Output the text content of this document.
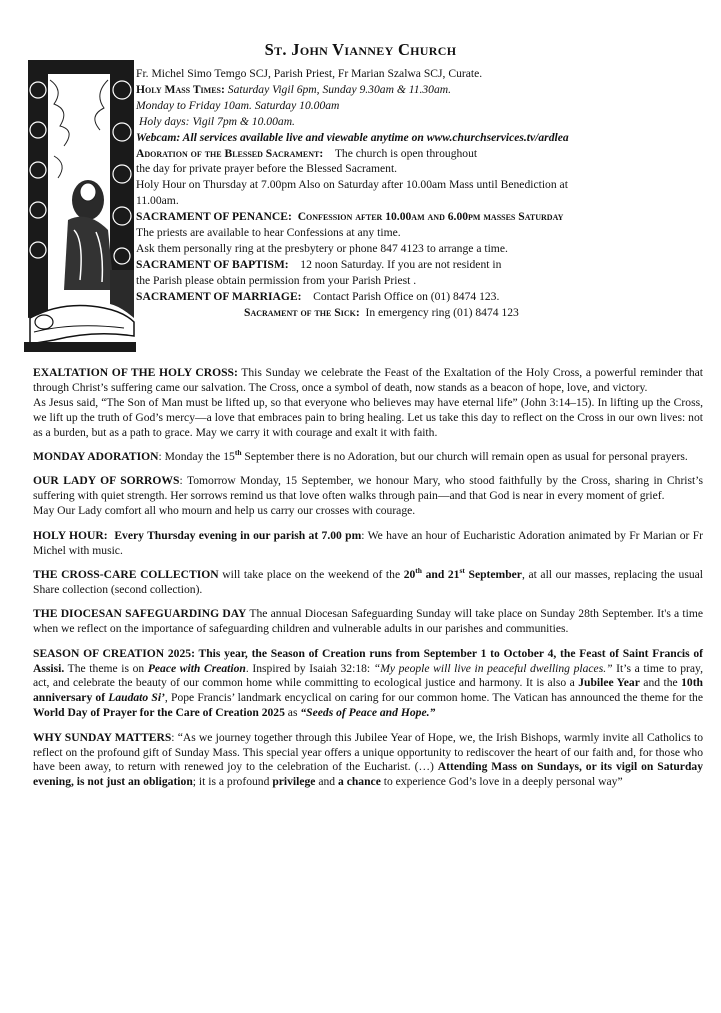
St. John Vianney Church
Fr. Michel Simo Temgo SCJ, Parish Priest, Fr Marian Szalwa SCJ, Curate.
Holy Mass Times: Saturday Vigil 6pm, Sunday 9.30am & 11.30am.
Monday to Friday 10am. Saturday 10.00am
Holy days: Vigil 7pm & 10.00am.
Webcam: All services available live and viewable anytime on www.churchservices.tv/ardlea
Adoration of the Blessed Sacrament: The church is open throughout
the day for private prayer before the Blessed Sacrament.
Holy Hour on Thursday at 7.00pm Also on Saturday after 10.00am Mass until Benediction at
11.00am.
SACRAMENT OF PENANCE: Confession after 10.00am and 6.00pm masses Saturday
The priests are available to hear Confessions at any time.
Ask them personally ring at the presbytery or phone 847 4123 to arrange a time.
SACRAMENT OF BAPTISM: 12 noon Saturday. If you are not resident in
the Parish please obtain permission from your Parish Priest .
SACRAMENT OF MARRIAGE: Contact Parish Office on (01) 8474 123.
Sacrament of the Sick: In emergency ring (01) 8474 123
EXALTATION OF THE HOLY CROSS: This Sunday we celebrate the Feast of the Exaltation of the Holy Cross, a powerful reminder that through Christ’s suffering came our salvation. The Cross, once a symbol of death, now stands as a beacon of hope, love, and victory.
As Jesus said, “The Son of Man must be lifted up, so that everyone who believes may have eternal life” (John 3:14–15). In lifting up the Cross, we lift up the truth of God’s mercy—a love that embraces pain to bring healing. Let us take this day to reflect on the Cross in our own lives: not as a burden, but as a path to grace. May we carry it with courage and exalt it with faith.
MONDAY ADORATION: Monday the 15th September there is no Adoration, but our church will remain open as usual for personal prayers.
OUR LADY OF SORROWS: Tomorrow Monday, 15 September, we honour Mary, who stood faithfully by the Cross, sharing in Christ’s suffering with quiet strength. Her sorrows remind us that love often walks through pain—and that God is near in every moment of grief.
May Our Lady comfort all who mourn and help us carry our crosses with courage.
HOLY HOUR: Every Thursday evening in our parish at 7.00 pm: We have an hour of Eucharistic Adoration animated by Fr Marian or Fr Michel with music.
THE CROSS-CARE COLLECTION will take place on the weekend of the 20th and 21st September, at all our masses, replacing the usual Share collection (second collection).
THE DIOCESAN SAFEGUARDING DAY The annual Diocesan Safeguarding Sunday will take place on Sunday 28th September. It's a time when we reflect on the importance of safeguarding children and vulnerable adults in our parishes and communities.
SEASON OF CREATION 2025: This year, the Season of Creation runs from September 1 to October 4, the Feast of Saint Francis of Assisi. The theme is on Peace with Creation. Inspired by Isaiah 32:18: “My people will live in peaceful dwelling places.” It’s a time to pray, act, and celebrate the beauty of our common home while committing to ecological justice and harmony. It is also a Jubilee Year and the 10th anniversary of Laudato Si’, Pope Francis’ landmark encyclical on caring for our common home. The Vatican has announced the theme for the World Day of Prayer for the Care of Creation 2025 as “Seeds of Peace and Hope.”
WHY SUNDAY MATTERS: “As we journey together through this Jubilee Year of Hope, we, the Irish Bishops, warmly invite all Catholics to reflect on the profound gift of Sunday Mass. This special year offers a unique opportunity to rediscover the heart of our faith and, for those who have been away, to return with renewed joy to the celebration of the Eucharist. (…) Attending Mass on Sundays, or its vigil on Saturday evening, is not just an obligation; it is a profound privilege and a chance to experience God’s love in a deeply personal way”
